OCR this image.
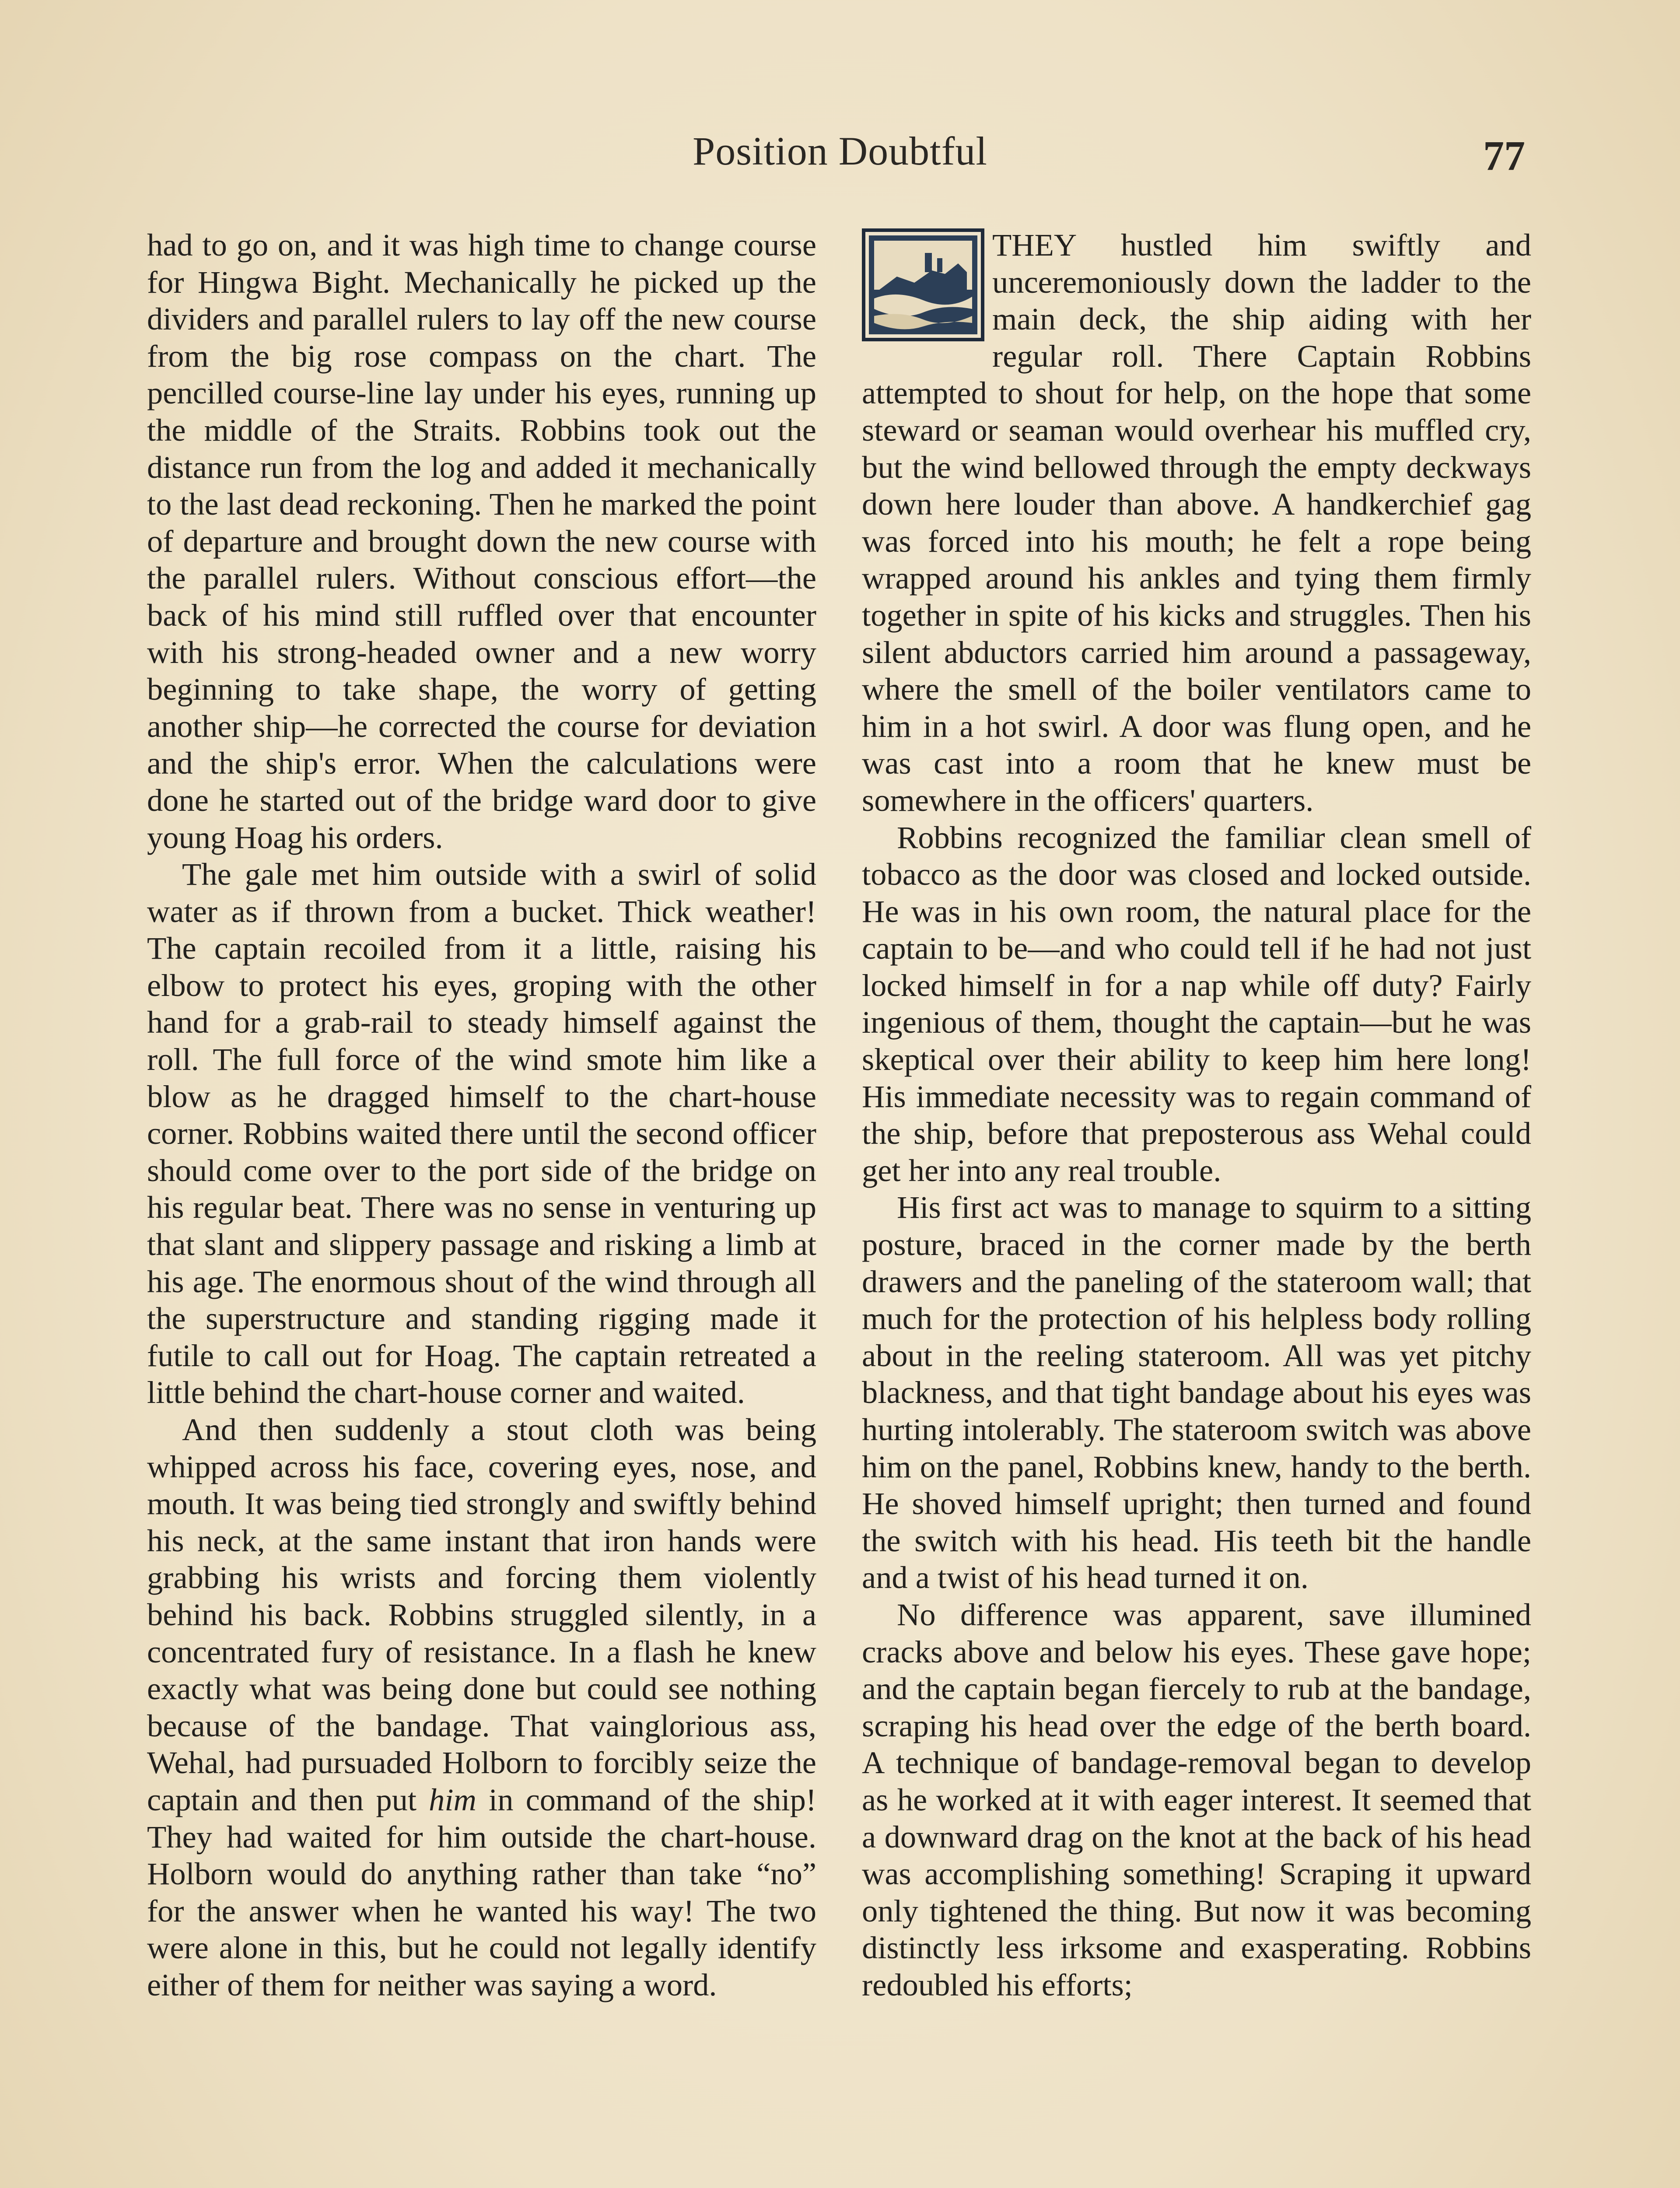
Position Doubtful	77

had to go on, and it was high time to change course for Hingwa Bight. Mechanically he picked up the dividers and parallel rulers to lay off the new course from the big rose compass on the chart. The pencilled course-line lay under his eyes, running up the middle of the Straits. Robbins took out the distance run from the log and added it mechanically to the last dead reckoning. Then he marked the point of departure and brought down the new course with the parallel rulers. Without conscious effort—the back of his mind still ruffled over that encounter with his strong-headed owner and a new worry beginning to take shape, the worry of getting another ship—he corrected the course for deviation and the ship's error. When the calculations were done he started out of the bridge ward door to give young Hoag his orders.

The gale met him outside with a swirl of solid water as if thrown from a bucket. Thick weather! The captain recoiled from it a little, raising his elbow to protect his eyes, groping with the other hand for a grab-rail to steady himself against the roll. The full force of the wind smote him like a blow as he dragged himself to the chart-house corner. Robbins waited there until the second officer should come over to the port side of the bridge on his regular beat. There was no sense in venturing up that slant and slippery passage and risking a limb at his age. The enormous shout of the wind through all the superstructure and standing rigging made it futile to call out for Hoag. The captain retreated a little behind the chart-house corner and waited.

And then suddenly a stout cloth was being whipped across his face, covering eyes, nose, and mouth. It was being tied strongly and swiftly behind his neck, at the same instant that iron hands were grabbing his wrists and forcing them violently behind his back. Robbins struggled silently, in a concentrated fury of resistance. In a flash he knew exactly what was being done but could see nothing because of the bandage. That vainglorious ass, Wehal, had pursuaded Holborn to forcibly seize the captain and then put him in command of the ship! They had waited for him outside the chart-house. Holborn would do anything rather than take “no” for the answer when he wanted his way! The two were alone in this, but he could not legally identify either of them for neither was saying a word.

THEY hustled him swiftly and unceremoniously down the ladder to the main deck, the ship aiding with her regular roll. There Captain Robbins attempted to shout for help, on the hope that some steward or seaman would overhear his muffled cry, but the wind bellowed through the empty deckways down here louder than above. A handkerchief gag was forced into his mouth; he felt a rope being wrapped around his ankles and tying them firmly together in spite of his kicks and struggles. Then his silent abductors carried him around a passageway, where the smell of the boiler ventilators came to him in a hot swirl. A door was flung open, and he was cast into a room that he knew must be somewhere in the officers' quarters.

Robbins recognized the familiar clean smell of tobacco as the door was closed and locked outside. He was in his own room, the natural place for the captain to be—and who could tell if he had not just locked himself in for a nap while off duty? Fairly ingenious of them, thought the captain—but he was skeptical over their ability to keep him here long! His immediate necessity was to regain command of the ship, before that preposterous ass Wehal could get her into any real trouble.

His first act was to manage to squirm to a sitting posture, braced in the corner made by the berth drawers and the paneling of the stateroom wall; that much for the protection of his helpless body rolling about in the reeling stateroom. All was yet pitchy blackness, and that tight bandage about his eyes was hurting intolerably. The stateroom switch was above him on the panel, Robbins knew, handy to the berth. He shoved himself upright; then turned and found the switch with his head. His teeth bit the handle and a twist of his head turned it on.

No difference was apparent, save illumined cracks above and below his eyes. These gave hope; and the captain began fiercely to rub at the bandage, scraping his head over the edge of the berth board. A technique of bandage-removal began to develop as he worked at it with eager interest. It seemed that a downward drag on the knot at the back of his head was accomplishing something! Scraping it upward only tightened the thing. But now it was becoming distinctly less irksome and exasperating. Robbins redoubled his efforts;
